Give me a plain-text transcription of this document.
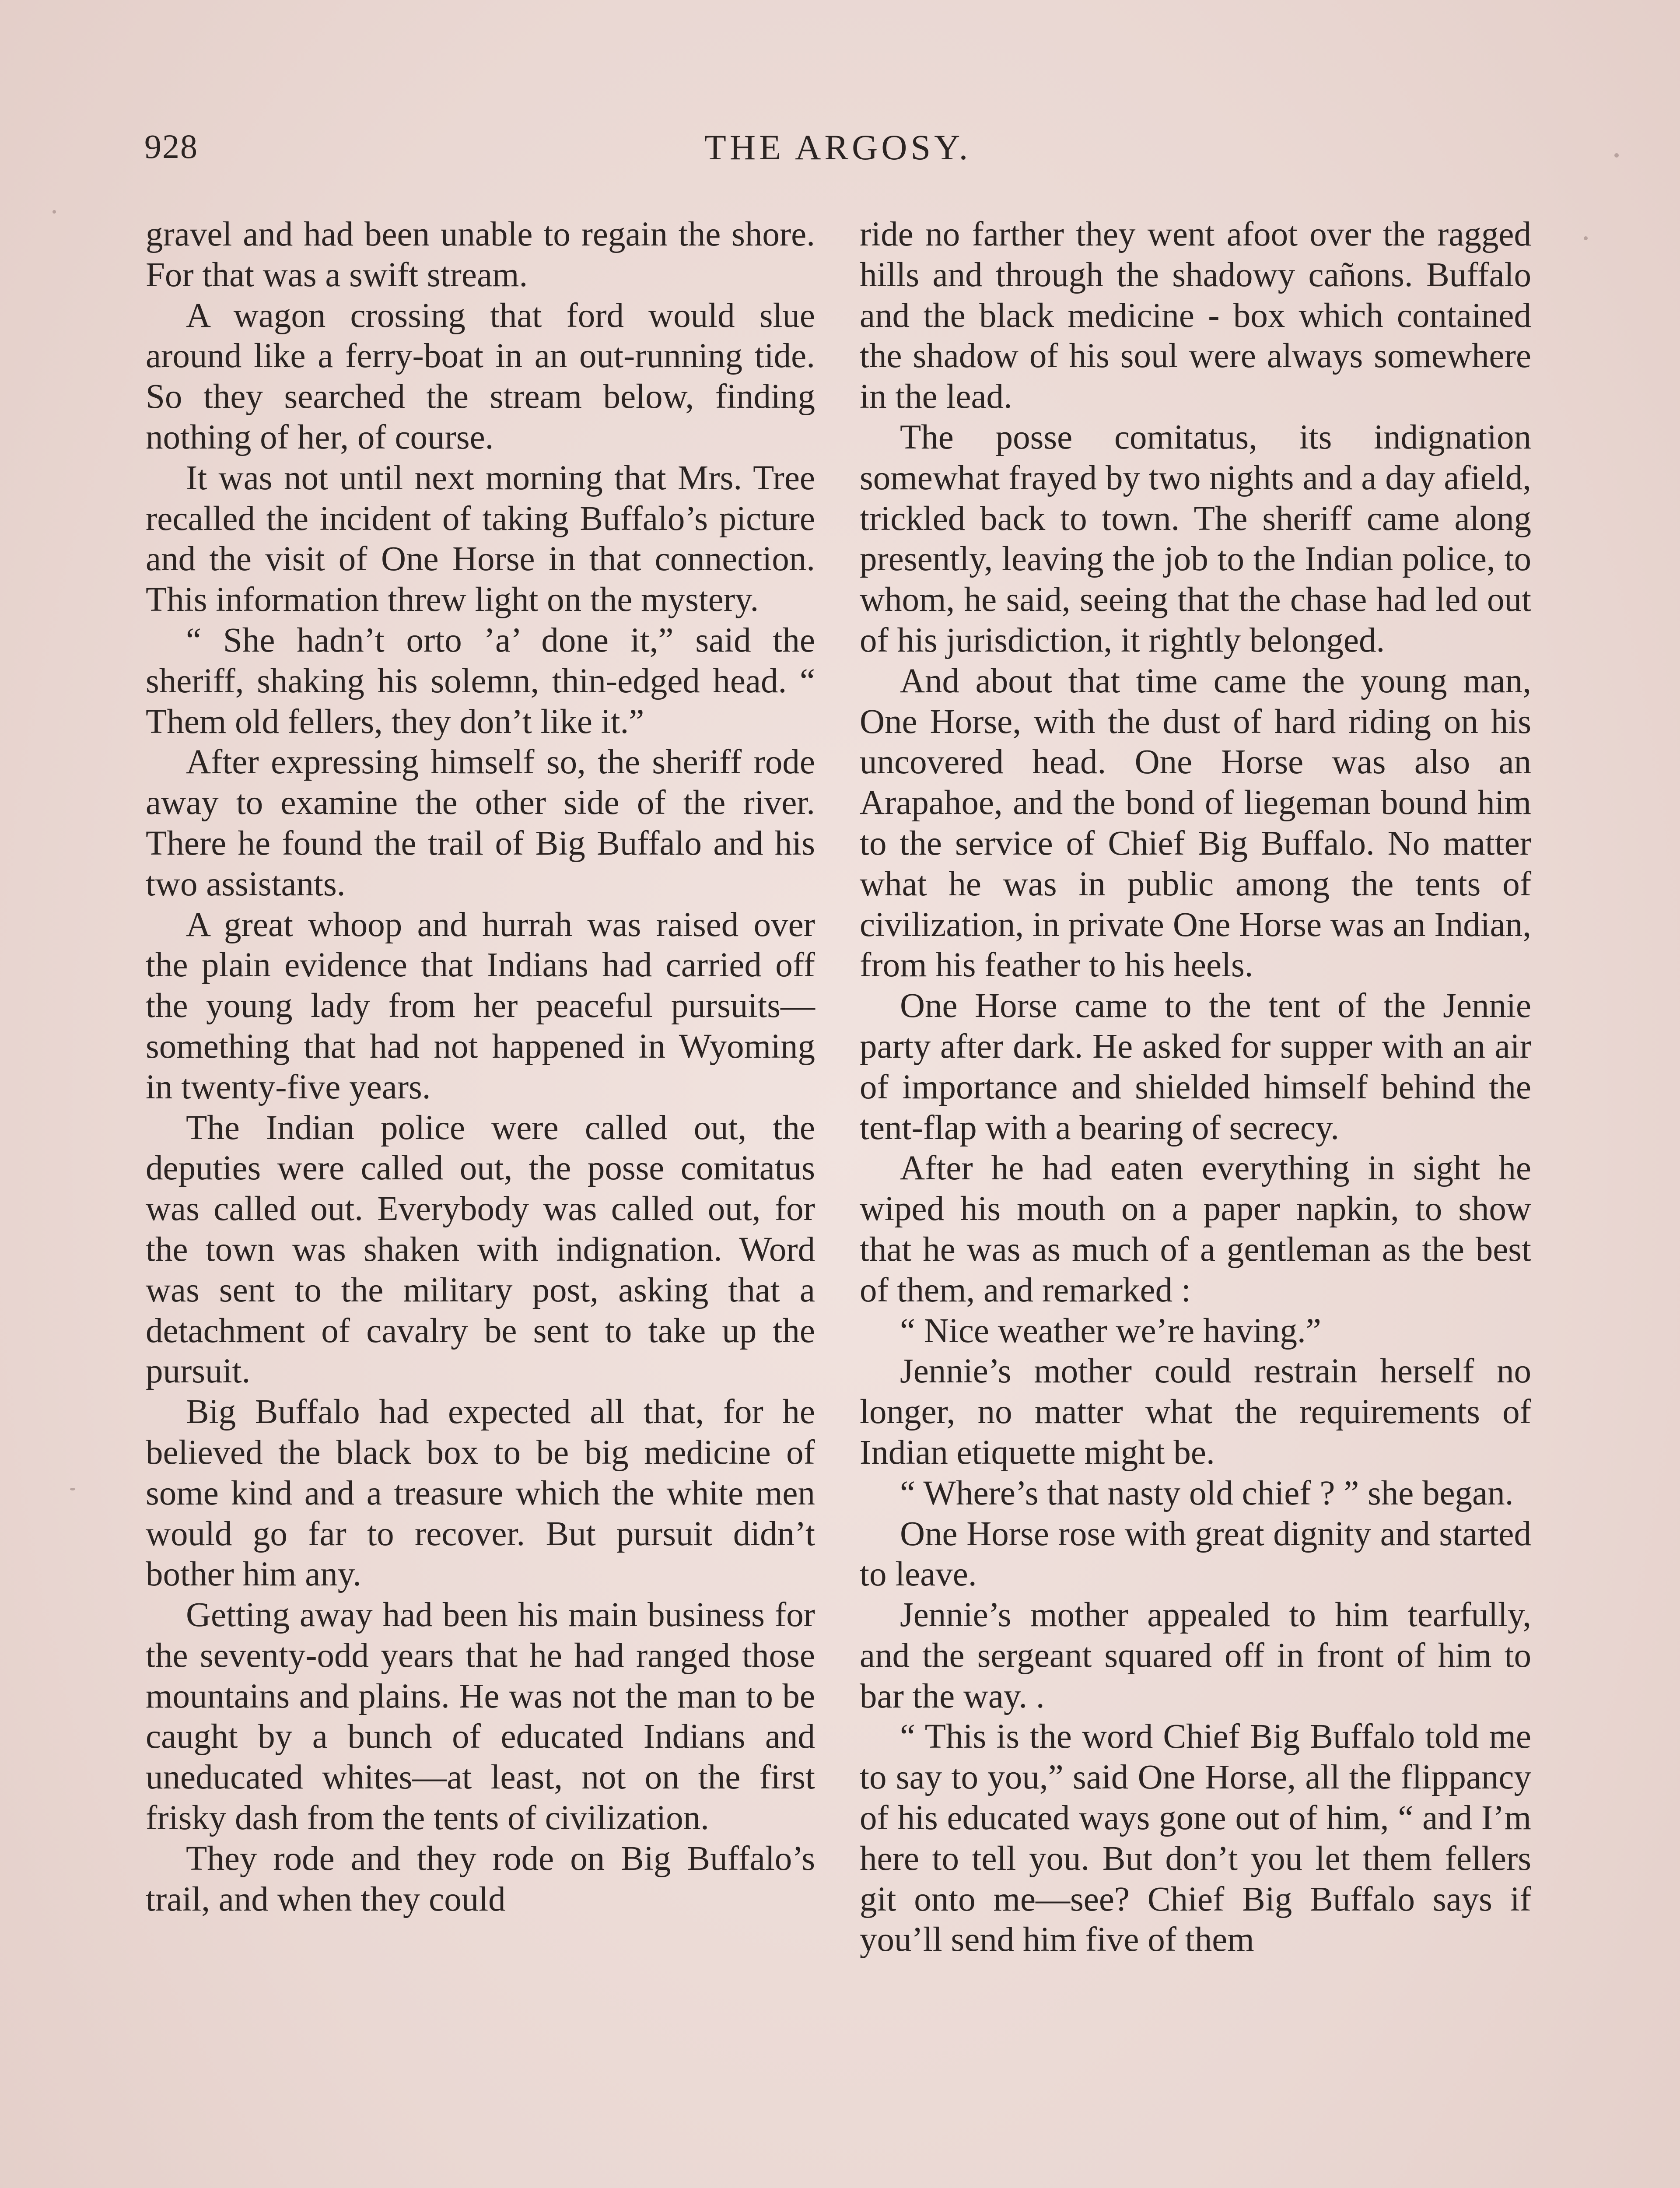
928	THE ARGOSY.

gravel and had been unable to regain the shore. For that was a swift stream.

A wagon crossing that ford would slue around like a ferry-boat in an out-running tide. So they searched the stream below, finding nothing of her, of course.

It was not until next morning that Mrs. Tree recalled the incident of taking Buffalo’s picture and the visit of One Horse in that connection. This information threw light on the mystery.

“ She hadn’t orto ’a’ done it,” said the sheriff, shaking his solemn, thin-edged head. “ Them old fellers, they don’t like it.”

After expressing himself so, the sheriff rode away to examine the other side of the river. There he found the trail of Big Buffalo and his two assistants.

A great whoop and hurrah was raised over the plain evidence that Indians had carried off the young lady from her peaceful pursuits—something that had not happened in Wyoming in twenty-five years.

The Indian police were called out, the deputies were called out, the posse comitatus was called out. Everybody was called out, for the town was shaken with indignation. Word was sent to the military post, asking that a detachment of cavalry be sent to take up the pursuit.

Big Buffalo had expected all that, for he believed the black box to be big medicine of some kind and a treasure which the white men would go far to recover. But pursuit didn’t bother him any.

Getting away had been his main business for the seventy-odd years that he had ranged those mountains and plains. He was not the man to be caught by a bunch of educated Indians and uneducated whites—at least, not on the first frisky dash from the tents of civilization.

They rode and they rode on Big Buffalo’s trail, and when they could

ride no farther they went afoot over the ragged hills and through the shadowy cañons. Buffalo and the black medicine - box which contained the shadow of his soul were always somewhere in the lead.

The posse comitatus, its indignation somewhat frayed by two nights and a day afield, trickled back to town. The sheriff came along presently, leaving the job to the Indian police, to whom, he said, seeing that the chase had led out of his jurisdiction, it rightly belonged.

And about that time came the young man, One Horse, with the dust of hard riding on his uncovered head. One Horse was also an Arapahoe, and the bond of liegeman bound him to the service of Chief Big Buffalo. No matter what he was in public among the tents of civilization, in private One Horse was an Indian, from his feather to his heels.

One Horse came to the tent of the Jennie party after dark. He asked for supper with an air of importance and shielded himself behind the tent-flap with a bearing of secrecy.

After he had eaten everything in sight he wiped his mouth on a paper napkin, to show that he was as much of a gentleman as the best of them, and remarked :

“ Nice weather we’re having.”

Jennie’s mother could restrain herself no longer, no matter what the requirements of Indian etiquette might be.

“ Where’s that nasty old chief ? ” she began.

One Horse rose with great dignity and started to leave.

Jennie’s mother appealed to him tearfully, and the sergeant squared off in front of him to bar the way. .

“ This is the word Chief Big Buffalo told me to say to you,” said One Horse, all the flippancy of his educated ways gone out of him, “ and I’m here to tell you. But don’t you let them fellers git onto me—see? Chief Big Buffalo says if you’ll send him five of them
